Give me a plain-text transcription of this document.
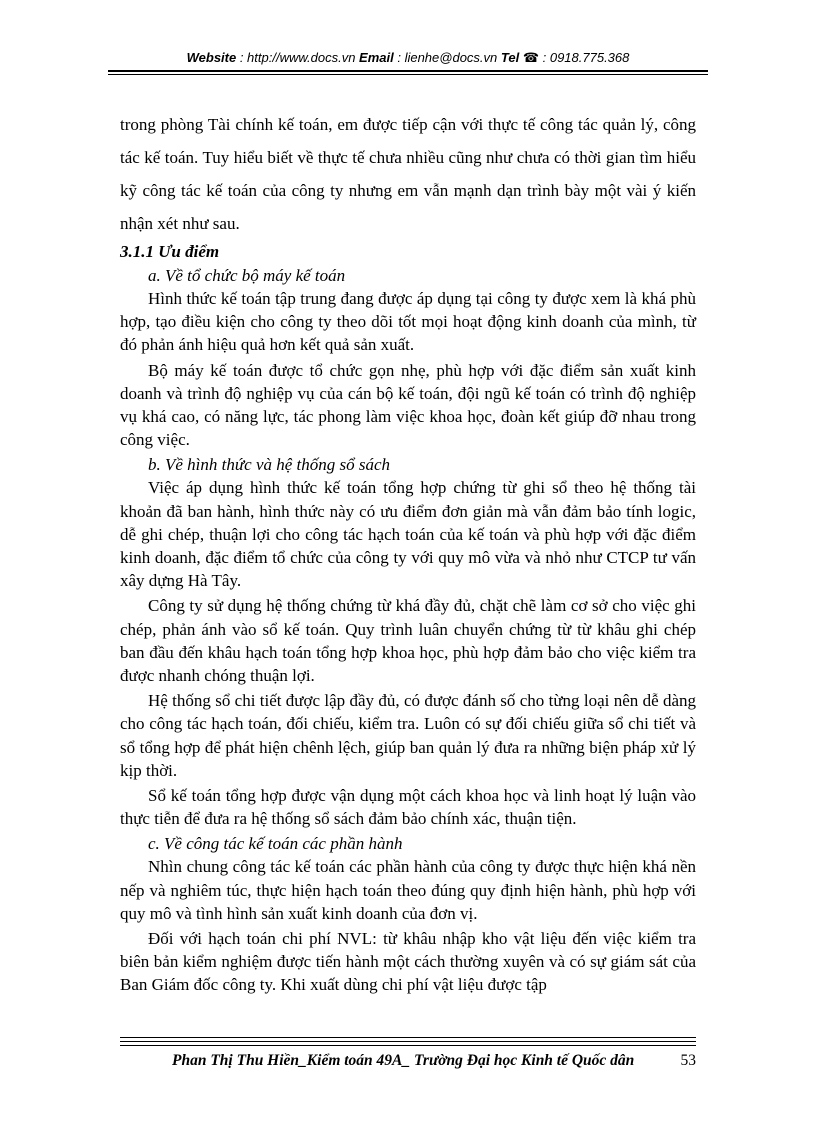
Website : http://www.docs.vn Email : lienhe@docs.vn Tel ☎ : 0918.775.368

trong phòng Tài chính kế toán, em được tiếp cận với thực tế công tác quản lý, công tác kế toán. Tuy hiểu biết về thực tế chưa nhiều cũng như chưa có thời gian tìm hiểu kỹ công tác kế toán của công ty nhưng em vẫn mạnh dạn trình bày một vài ý kiến nhận xét như sau.

3.1.1 Ưu điểm

a. Về tổ chức bộ máy kế toán

Hình thức kế toán tập trung đang được áp dụng tại công ty được xem là khá phù hợp, tạo điều kiện cho công ty theo dõi tốt mọi hoạt động kinh doanh của mình, từ đó phản ánh hiệu quả hơn kết quả sản xuất.

Bộ máy kế toán được tổ chức gọn nhẹ, phù hợp với đặc điểm sản xuất kinh doanh và trình độ nghiệp vụ của cán bộ kế toán, đội ngũ kế toán có trình độ nghiệp vụ khá cao, có năng lực, tác phong làm việc khoa học, đoàn kết giúp đỡ nhau trong công việc.

b. Về hình thức và hệ thống sổ sách

Việc áp dụng hình thức kế toán tổng hợp chứng từ ghi sổ theo hệ thống tài khoản đã ban hành, hình thức này có ưu điểm đơn giản mà vẫn đảm bảo tính logic, dễ ghi chép, thuận lợi cho công tác hạch toán của kế toán và phù hợp với đặc điểm kinh doanh, đặc điểm tổ chức của công ty với quy mô vừa và nhỏ như CTCP tư vấn xây dựng Hà Tây.

Công ty sử dụng hệ thống chứng từ khá đầy đủ, chặt chẽ làm cơ sở cho việc ghi chép, phản ánh vào sổ kế toán. Quy trình luân chuyển chứng từ từ khâu ghi chép ban đầu đến khâu hạch toán tổng hợp khoa học, phù hợp đảm bảo cho việc kiểm tra được nhanh chóng thuận lợi.

Hệ thống sổ chi tiết được lập đầy đủ, có được đánh số cho từng loại nên dễ dàng cho công tác hạch toán, đối chiếu, kiểm tra. Luôn có sự đối chiếu giữa sổ chi tiết và sổ tổng hợp để phát hiện chênh lệch, giúp ban quản lý đưa ra những biện pháp xử lý kịp thời.

Sổ kế toán tổng hợp được vận dụng một cách khoa học và linh hoạt lý luận vào thực tiễn để đưa ra hệ thống sổ sách đảm bảo chính xác, thuận tiện.

c. Về công tác kế toán các phần hành

Nhìn chung công tác kế toán các phần hành của công ty được thực hiện khá nền nếp và nghiêm túc, thực hiện hạch toán theo đúng quy định hiện hành, phù hợp với quy mô và tình hình sản xuất kinh doanh của đơn vị.

Đối với hạch toán chi phí NVL: từ khâu nhập kho vật liệu đến việc kiểm tra biên bản kiểm nghiệm được tiến hành một cách thường xuyên và có sự giám sát của Ban Giám đốc công ty. Khi xuất dùng chi phí vật liệu được tập

Phan Thị Thu Hiền_Kiểm toán 49A_ Trường Đại học Kinh tế Quốc dân	53
